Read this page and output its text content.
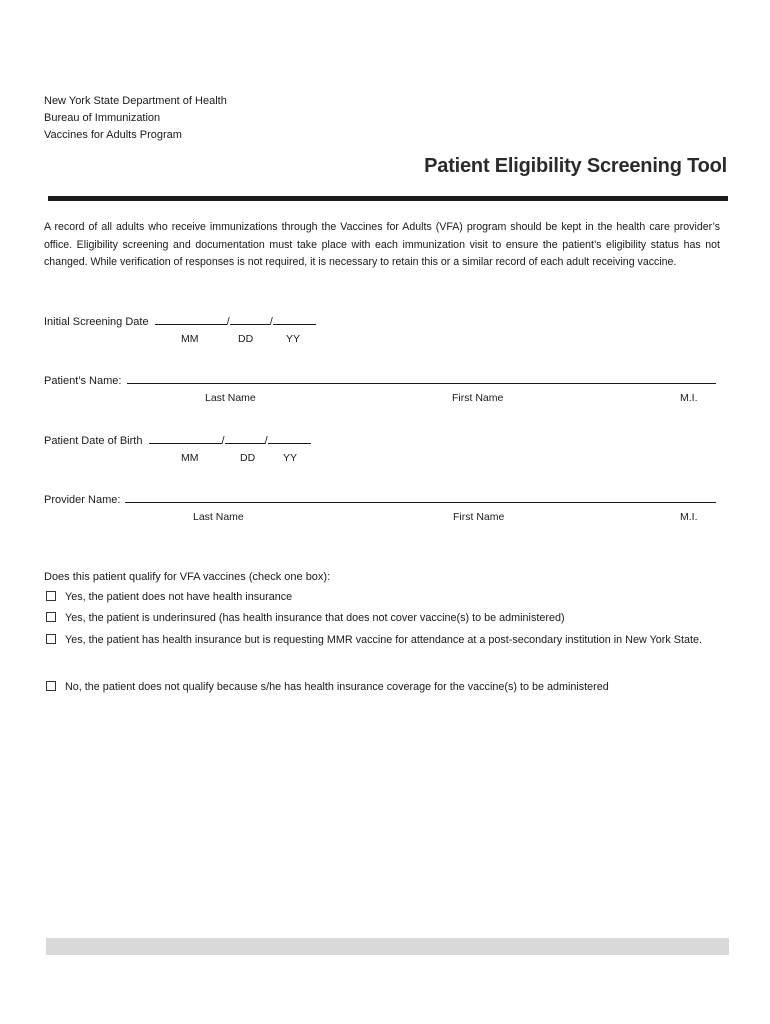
New York State Department of Health
Bureau of Immunization
Vaccines for Adults Program
Patient Eligibility Screening Tool
A record of all adults who receive immunizations through the Vaccines for Adults (VFA) program should be kept in the health care provider’s office. Eligibility screening and documentation must take place with each immunization visit to ensure the patient’s eligibility status has not changed. While verification of responses is not required, it is necessary to retain this or a similar record of each adult receiving vaccine.
Initial Screening Date	/	/
MM	DD	YY
Patient’s Name:
Last Name	First Name	M.I.
Patient Date of Birth	/	/
MM	DD	YY
Provider Name:
Last Name	First Name	M.I.
Does this patient qualify for VFA vaccines (check one box):
Yes, the patient does not have health insurance
Yes, the patient is underinsured (has health insurance that does not cover vaccine(s) to be administered)
Yes, the patient has health insurance but is requesting MMR vaccine for attendance at a post-secondary institution in New York State.
No, the patient does not qualify because s/he has health insurance coverage for the vaccine(s) to be administered
